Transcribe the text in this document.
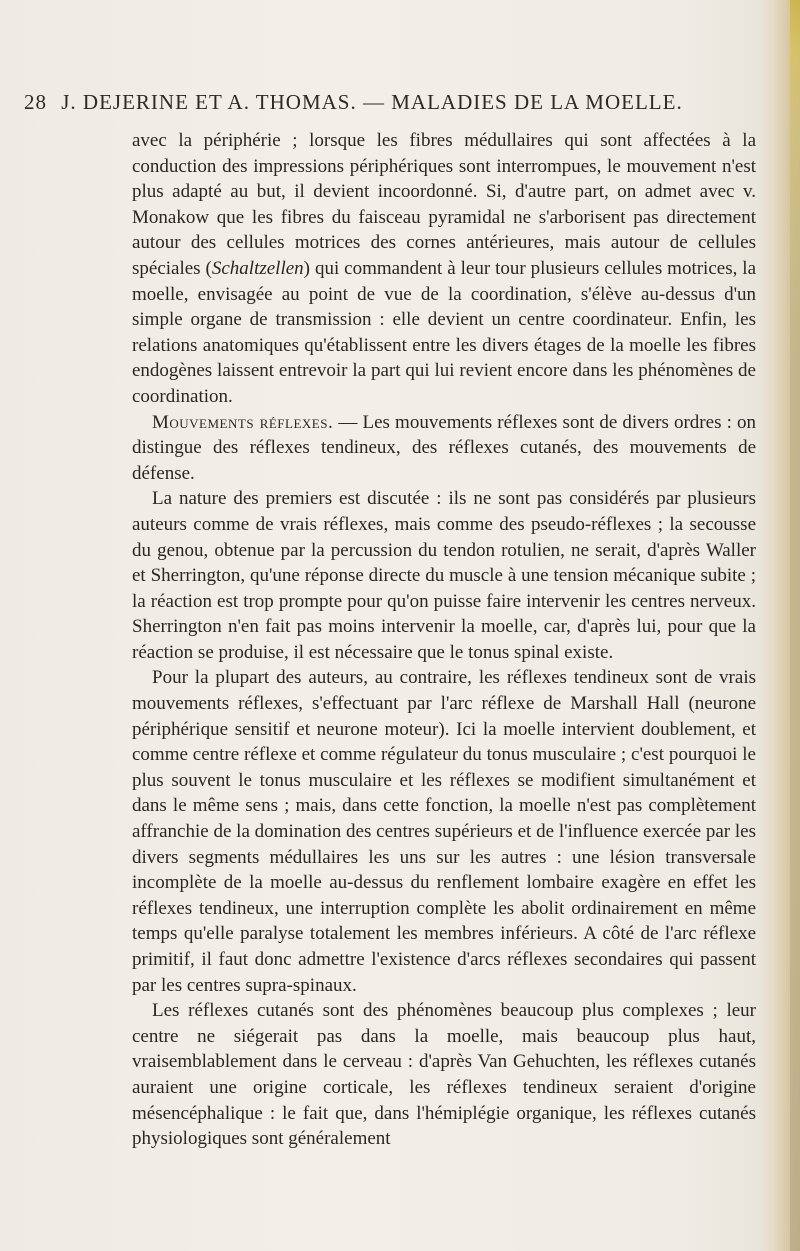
28 J. DEJERINE ET A. THOMAS. — MALADIES DE LA MOELLE.

avec la périphérie ; lorsque les fibres médullaires qui sont affectées à la conduction des impressions périphériques sont interrompues, le mouvement n'est plus adapté au but, il devient incoordonné. Si, d'autre part, on admet avec v. Monakow que les fibres du faisceau pyramidal ne s'arborisent pas directement autour des cellules motrices des cornes antérieures, mais autour de cellules spéciales (Schaltzellen) qui commandent à leur tour plusieurs cellules motrices, la moelle, envisagée au point de vue de la coordination, s'élève au-dessus d'un simple organe de transmission : elle devient un centre coordinateur. Enfin, les relations anatomiques qu'établissent entre les divers étages de la moelle les fibres endogènes laissent entrevoir la part qui lui revient encore dans les phénomènes de coordination.

Mouvements réflexes. — Les mouvements réflexes sont de divers ordres : on distingue des réflexes tendineux, des réflexes cutanés, des mouvements de défense.

La nature des premiers est discutée : ils ne sont pas considérés par plusieurs auteurs comme de vrais réflexes, mais comme des pseudo-réflexes ; la secousse du genou, obtenue par la percussion du tendon rotulien, ne serait, d'après Waller et Sherrington, qu'une réponse directe du muscle à une tension mécanique subite ; la réaction est trop prompte pour qu'on puisse faire intervenir les centres nerveux. Sherrington n'en fait pas moins intervenir la moelle, car, d'après lui, pour que la réaction se produise, il est nécessaire que le tonus spinal existe.

Pour la plupart des auteurs, au contraire, les réflexes tendineux sont de vrais mouvements réflexes, s'effectuant par l'arc réflexe de Marshall Hall (neurone périphérique sensitif et neurone moteur). Ici la moelle intervient doublement, et comme centre réflexe et comme régulateur du tonus musculaire ; c'est pourquoi le plus souvent le tonus musculaire et les réflexes se modifient simultanément et dans le même sens ; mais, dans cette fonction, la moelle n'est pas complètement affranchie de la domination des centres supérieurs et de l'influence exercée par les divers segments médullaires les uns sur les autres : une lésion transversale incomplète de la moelle au-dessus du renflement lombaire exagère en effet les réflexes tendineux, une interruption complète les abolit ordinairement en même temps qu'elle paralyse totalement les membres inférieurs. A côté de l'arc réflexe primitif, il faut donc admettre l'existence d'arcs réflexes secondaires qui passent par les centres supra-spinaux.

Les réflexes cutanés sont des phénomènes beaucoup plus complexes ; leur centre ne siégerait pas dans la moelle, mais beaucoup plus haut, vraisemblablement dans le cerveau : d'après Van Gehuchten, les réflexes cutanés auraient une origine corticale, les réflexes tendineux seraient d'origine mésencéphalique : le fait que, dans l'hémiplégie organique, les réflexes cutanés physiologiques sont généralement
